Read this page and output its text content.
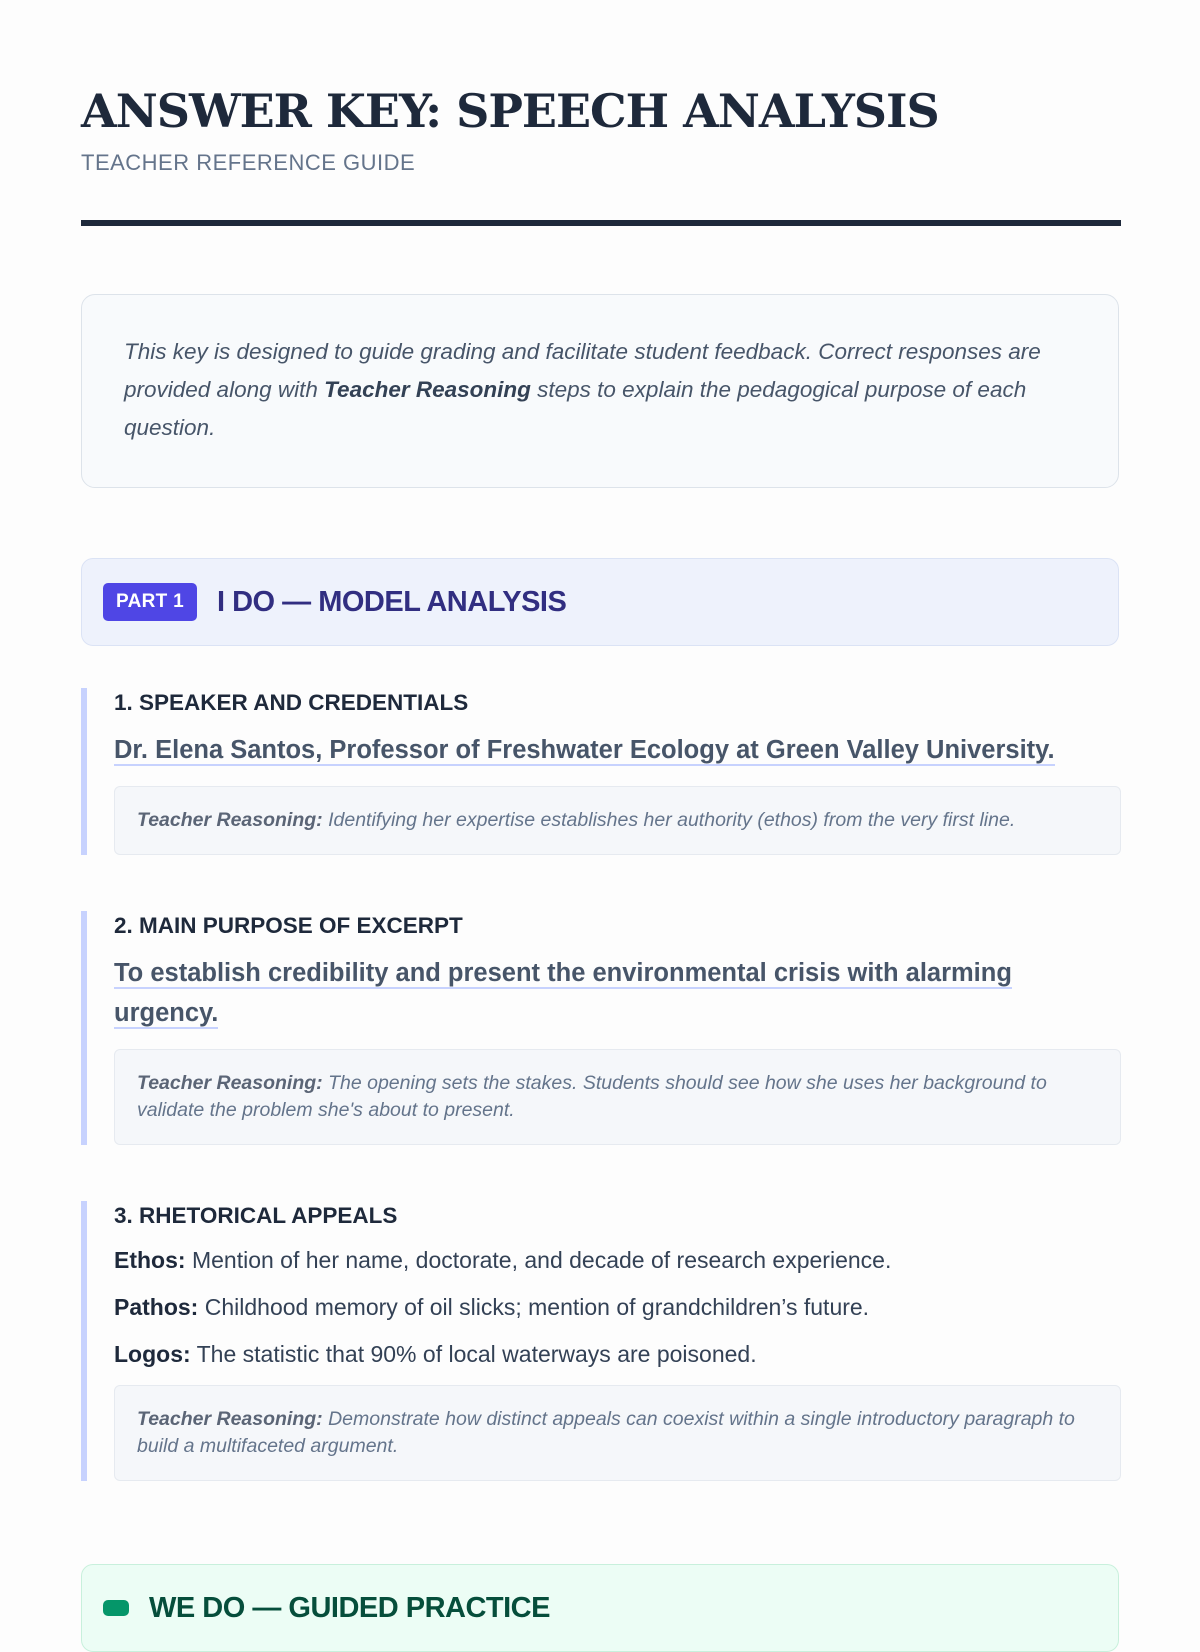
ANSWER KEY: SPEECH ANALYSIS
TEACHER REFERENCE GUIDE
This key is designed to guide grading and facilitate student feedback. Correct responses are provided along with Teacher Reasoning steps to explain the pedagogical purpose of each question.
PART 1	I DO — MODEL ANALYSIS

1. SPEAKER AND CREDENTIALS

Dr. Elena Santos, Professor of Freshwater Ecology at Green Valley University.

Teacher Reasoning: Identifying her expertise establishes her authority (ethos) from the very first line.

2. MAIN PURPOSE OF EXCERPT

To establish credibility and present the environmental crisis with alarming urgency.

Teacher Reasoning: The opening sets the stakes. Students should see how she uses her background to validate the problem she's about to present.

3. RHETORICAL APPEALS

Ethos: Mention of her name, doctorate, and decade of research experience.

Pathos: Childhood memory of oil slicks; mention of grandchildren’s future.

Logos: The statistic that 90% of local waterways are poisoned.

Teacher Reasoning: Demonstrate how distinct appeals can coexist within a single introductory paragraph to build a multifaceted argument.
WE DO — GUIDED PRACTICE
